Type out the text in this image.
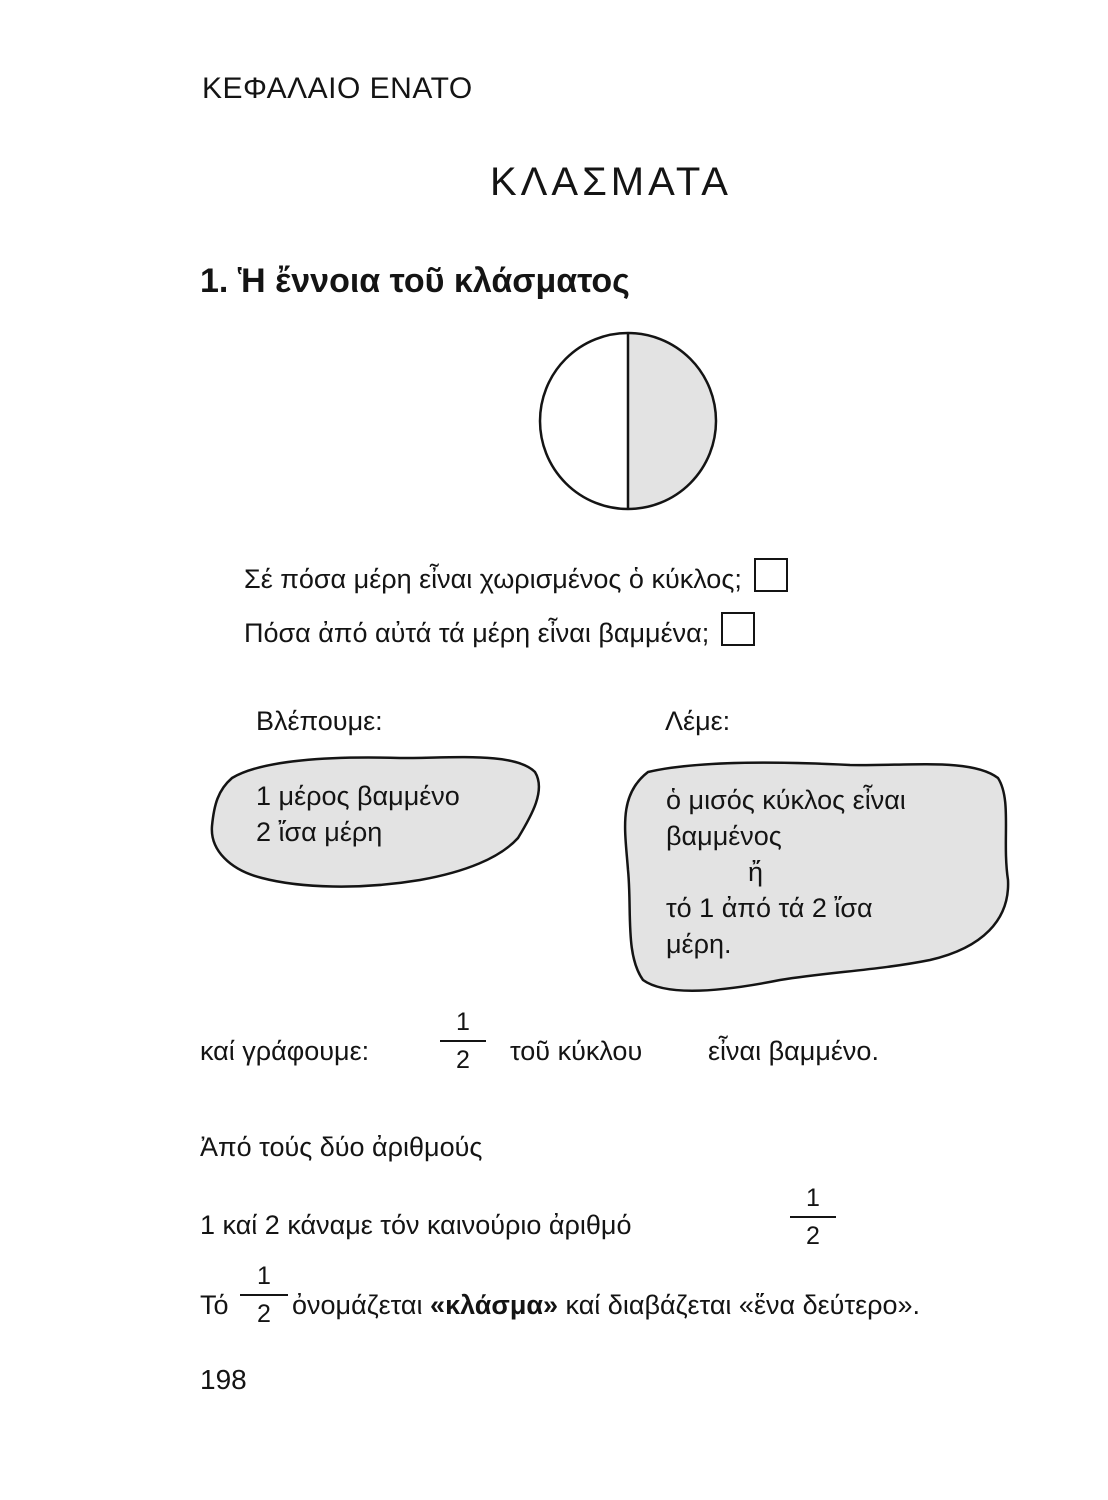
ΚΕΦΑΛΑΙΟ ΕΝΑΤΟ
ΚΛΑΣΜΑΤΑ
1. Ἡ ἔννοια τοῦ κλάσματος
Σέ πόσα μέρη εἶναι χωρισμένος ὁ κύκλος;
Πόσα ἀπό αὐτά τά μέρη εἶναι βαμμένα;
Βλέπουμε:	Λέμε:
1 μέρος βαμμένο
2 ἴσα μέρη
ὁ μισός κύκλος εἶναι
βαμμένος
ἤ
τό 1 ἀπό τά 2 ἴσα
μέρη.
καί γράφουμε:
1
2	τοῦ κύκλου εἶναι βαμμένο.
Ἀπό τούς δύο ἀριθμούς
1 καί 2 κάναμε τόν καινούριο ἀριθμό
1
2
Τό
1
2 ὀνομάζεται «κλάσμα» καί διαβάζεται «ἕνα δεύτερο».
198
